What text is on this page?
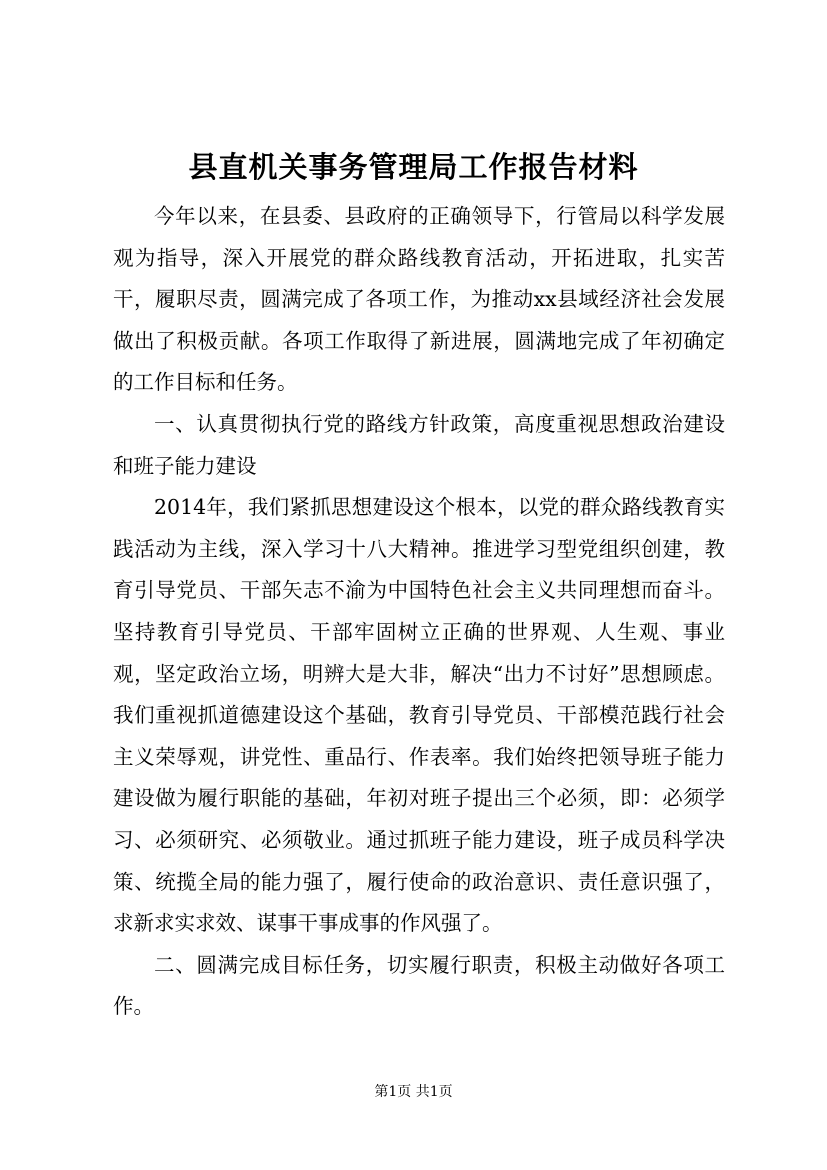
县直机关事务管理局工作报告材料

今年以来，在县委、县政府的正确领导下，行管局以科学发展观为指导，深入开展党的群众路线教育活动，开拓进取，扎实苦干，履职尽责，圆满完成了各项工作，为推动xx县域经济社会发展做出了积极贡献。各项工作取得了新进展，圆满地完成了年初确定的工作目标和任务。

一、认真贯彻执行党的路线方针政策，高度重视思想政治建设和班子能力建设

2014年，我们紧抓思想建设这个根本，以党的群众路线教育实践活动为主线，深入学习十八大精神。推进学习型党组织创建，教育引导党员、干部矢志不渝为中国特色社会主义共同理想而奋斗。坚持教育引导党员、干部牢固树立正确的世界观、人生观、事业观，坚定政治立场，明辨大是大非，解决“出力不讨好”思想顾虑。我们重视抓道德建设这个基础，教育引导党员、干部模范践行社会主义荣辱观，讲党性、重品行、作表率。我们始终把领导班子能力建设做为履行职能的基础，年初对班子提出三个必须，即：必须学习、必须研究、必须敬业。通过抓班子能力建设，班子成员科学决策、统揽全局的能力强了，履行使命的政治意识、责任意识强了，求新求实求效、谋事干事成事的作风强了。

二、圆满完成目标任务，切实履行职责，积极主动做好各项工作。

第1页 共1页
